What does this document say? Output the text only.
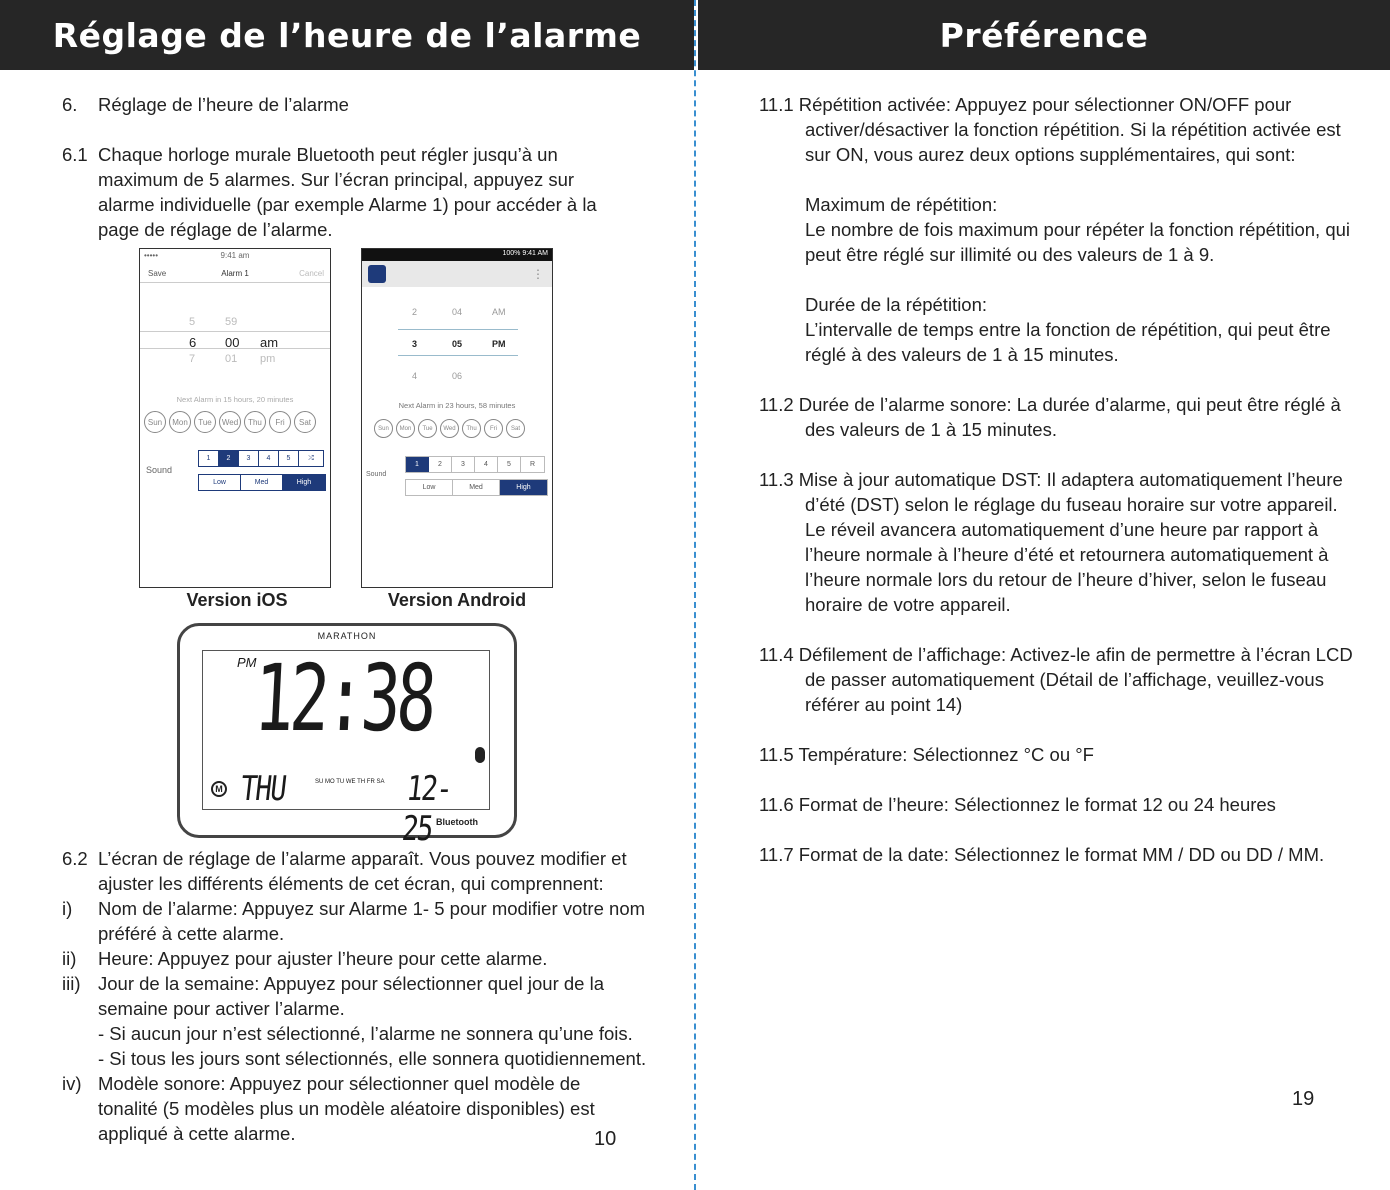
Réglage de l’heure de l’alarme	Préférence
6.	Réglage de l’heure de l’alarme
6.1 Chaque horloge murale Bluetooth peut régler jusqu’à un maximum de 5 alarmes. Sur l’écran principal, appuyez sur alarme individuelle (par exemple Alarme 1) pour accéder à la page de réglage de l’alarme.
9:41 am
•••••
Save	Alarm 1	Cancel
5
6
7
59
00
01
am
pm
Next Alarm in 15 hours, 20 minutes
Sun	Mon	Tue	Wed	Thu	Fri	Sat
Sound
1	2	3	4	5	⤮
Low	Med	High
100% 9:41 AM
⋮
2
3
4
04
05
06
AM
PM
Next Alarm in 23 hours, 58 minutes
Sun	Mon	Tue	Wed	Thu	Fri	Sat
Sound
1	2	3	4	5	R
Low	Med	High
Version iOS	Version Android
MARATHON
PM
12:38
M THU	SU MO TU WE TH FR SA 12-25 Bluetooth
6.2 L’écran de réglage de l’alarme apparaît. Vous pouvez modifier et ajuster les différents éléments de cet écran, qui comprennent:
i)	Nom de l’alarme: Appuyez sur Alarme 1- 5 pour modifier votre nom préféré à cette alarme.
ii)	Heure: Appuyez pour ajuster l’heure pour cette alarme.
iii) Jour de la semaine: Appuyez pour sélectionner quel jour de la semaine pour activer l’alarme.
- Si aucun jour n’est sélectionné, l’alarme ne sonnera qu’une fois.
- Si tous les jours sont sélectionnés, elle sonnera quotidiennement.
iv) Modèle sonore: Appuyez pour sélectionner quel modèle de tonalité (5 modèles plus un modèle aléatoire disponibles) est appliqué à cette alarme.	10
11.1 Répétition activée: Appuyez pour sélectionner ON/OFF pour activer/désactiver la fonction répétition. Si la répétition activée est sur ON, vous aurez deux options supplémentaires, qui sont:
Maximum de répétition:
Le nombre de fois maximum pour répéter la fonction répétition, qui peut être réglé sur illimité ou des valeurs de 1 à 9.
Durée de la répétition:
L’intervalle de temps entre la fonction de répétition, qui peut être réglé à des valeurs de 1 à 15 minutes.
11.2 Durée de l’alarme sonore: La durée d’alarme, qui peut être réglé à des valeurs de 1 à 15 minutes.
11.3 Mise à jour automatique DST: Il adaptera automatiquement l’heure d’été (DST) selon le réglage du fuseau horaire sur votre appareil. Le réveil avancera automatiquement d’une heure par rapport à l’heure normale à l’heure d’été et retournera automatiquement à l’heure normale lors du retour de l’heure d’hiver, selon le fuseau horaire de votre appareil.
11.4 Défilement de l’affichage: Activez-le afin de permettre à l’écran LCD de passer automatiquement (Détail de l’affichage, veuillez-vous référer au point 14)
11.5 Température: Sélectionnez °C ou °F
11.6 Format de l’heure: Sélectionnez le format 12 ou 24 heures
11.7 Format de la date: Sélectionnez le format MM / DD ou DD / MM.
19
